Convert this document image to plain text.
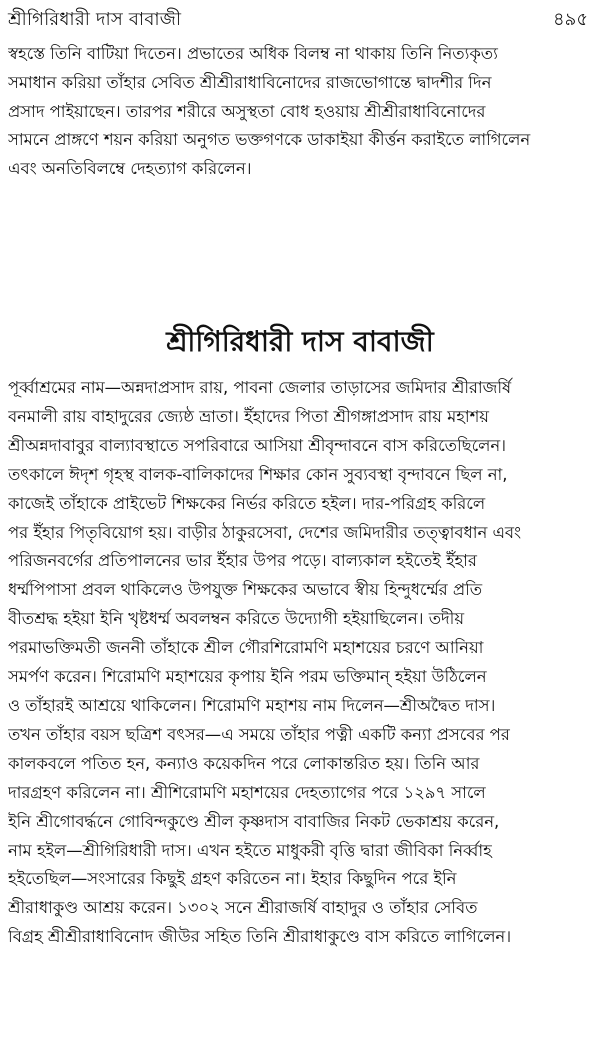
শ্রীগিরিধারী দাস বাবাজী	৪৯৫

স্বহস্তে তিনি বাটিয়া দিতেন। প্রভাতের অধিক বিলম্ব না থাকায় তিনি নিত্যকৃত্য
সমাধান করিয়া তাঁহার সেবিত শ্রীশ্রীরাধাবিনোদের রাজভোগান্তে দ্বাদশীর দিন
প্রসাদ পাইয়াছেন। তারপর শরীরে অসুস্থতা বোধ হওয়ায় শ্রীশ্রীরাধাবিনোদের
সামনে প্রাঙ্গণে শয়ন করিয়া অনুগত ভক্তগণকে ডাকাইয়া কীর্ত্তন করাইতে লাগিলেন
এবং অনতিবিলম্বে দেহত্যাগ করিলেন।

শ্রীগিরিধারী দাস বাবাজী

পূর্ব্বাশ্রমের নাম—অন্নদাপ্রসাদ রায়, পাবনা জেলার তাড়াসের জমিদার শ্রীরাজর্ষি
বনমালী রায় বাহাদুরের জ্যেষ্ঠ ভ্রাতা। ইঁহাদের পিতা শ্রীগঙ্গাপ্রসাদ রায় মহাশয়
শ্রীঅন্নদাবাবুর বাল্যাবস্থাতে সপরিবারে আসিয়া শ্রীবৃন্দাবনে বাস করিতেছিলেন।
তৎকালে ঈদৃশ গৃহস্থ বালক-বালিকাদের শিক্ষার কোন সুব্যবস্থা বৃন্দাবনে ছিল না,
কাজেই তাঁহাকে প্রাইভেট শিক্ষকের নির্ভর করিতে হইল। দার-পরিগ্রহ করিলে
পর ইঁহার পিতৃবিয়োগ হয়। বাড়ীর ঠাকুরসেবা, দেশের জমিদারীর তত্ত্বাবধান এবং
পরিজনবর্গের প্রতিপালনের ভার ইঁহার উপর পড়ে। বাল্যকাল হইতেই ইঁহার
ধর্ম্মপিপাসা প্রবল থাকিলেও উপযুক্ত শিক্ষকের অভাবে স্বীয় হিন্দুধর্ম্মের প্রতি
বীতশ্রদ্ধ হইয়া ইনি খৃষ্টধর্ম্ম অবলম্বন করিতে উদ্যোগী হইয়াছিলেন। তদীয়
পরমাভক্তিমতী জননী তাঁহাকে শ্রীল গৌরশিরোমণি মহাশয়ের চরণে আনিয়া
সমর্পণ করেন। শিরোমণি মহাশয়ের কৃপায় ইনি পরম ভক্তিমান্ হইয়া উঠিলেন
ও তাঁহারই আশ্রয়ে থাকিলেন। শিরোমণি মহাশয় নাম দিলেন—শ্রীঅদ্বৈত দাস।
তখন তাঁহার বয়স ছত্রিশ বৎসর—এ সময়ে তাঁহার পত্নী একটি কন্যা প্রসবের পর
কালকবলে পতিত হন, কন্যাও কয়েকদিন পরে লোকান্তরিত হয়। তিনি আর
দারগ্রহণ করিলেন না। শ্রীশিরোমণি মহাশয়ের দেহত্যাগের পরে ১২৯৭ সালে
ইনি শ্রীগোবর্দ্ধনে গোবিন্দকুণ্ডে শ্রীল কৃষ্ণদাস বাবাজির নিকট ভেকাশ্রয় করেন,
নাম হইল—শ্রীগিরিধারী দাস। এখন হইতে মাধুকরী বৃত্তি দ্বারা জীবিকা নির্ব্বাহ
হইতেছিল—সংসারের কিছুই গ্রহণ করিতেন না। ইহার কিছুদিন পরে ইনি
শ্রীরাধাকুণ্ড আশ্রয় করেন। ১৩০২ সনে শ্রীরাজর্ষি বাহাদুর ও তাঁহার সেবিত
বিগ্রহ শ্রীশ্রীরাধাবিনোদ জীউর সহিত তিনি শ্রীরাধাকুণ্ডে বাস করিতে লাগিলেন।
